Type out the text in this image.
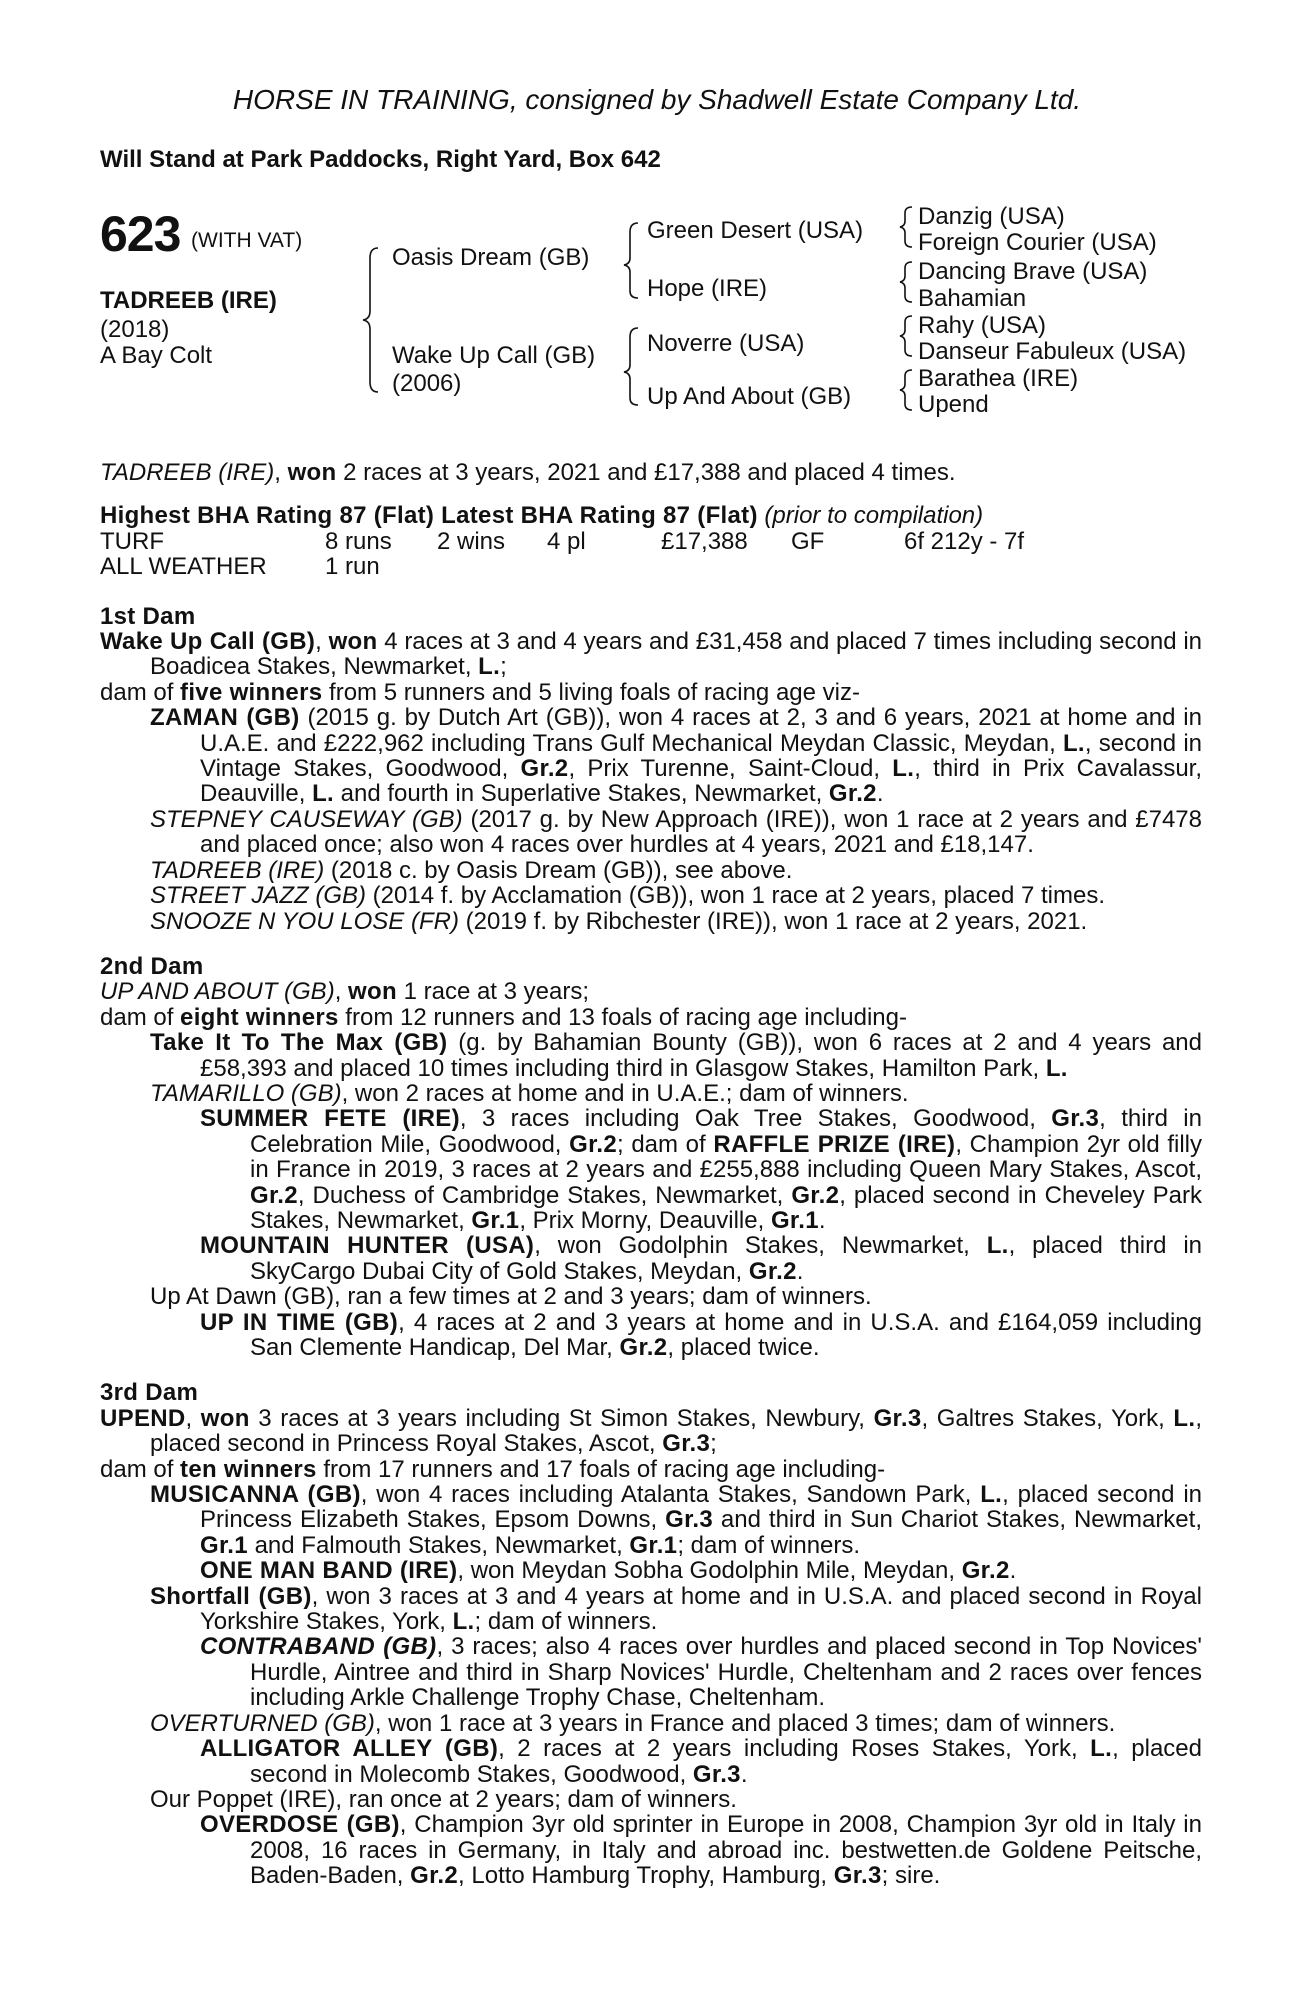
HORSE IN TRAINING, consigned by Shadwell Estate Company Ltd.
Will Stand at Park Paddocks, Right Yard, Box 642
623 (WITH VAT)
TADREEB (IRE)
(2018)
A Bay Colt
Oasis Dream (GB)
Wake Up Call (GB)
(2006)
Green Desert (USA)
Hope (IRE)
Noverre (USA)
Up And About (GB)
Danzig (USA)
Foreign Courier (USA)
Dancing Brave (USA)
Bahamian
Rahy (USA)
Danseur Fabuleux (USA)
Barathea (IRE)
Upend

TADREEB (IRE), won 2 races at 3 years, 2021 and £17,388 and placed 4 times.

Highest BHA Rating 87 (Flat) Latest BHA Rating 87 (Flat) (prior to compilation)

TURF	8 runs	2 wins	4 pl	£17,388	GF	6f 212y - 7f
ALL WEATHER	1 run

1st Dam

Wake Up Call (GB), won 4 races at 3 and 4 years and £31,458 and placed 7 times including second in Boadicea Stakes, Newmarket, L.;

dam of five winners from 5 runners and 5 living foals of racing age viz-

ZAMAN (GB) (2015 g. by Dutch Art (GB)), won 4 races at 2, 3 and 6 years, 2021 at home and in U.A.E. and £222,962 including Trans Gulf Mechanical Meydan Classic, Meydan, L., second in Vintage Stakes, Goodwood, Gr.2, Prix Turenne, Saint-Cloud, L., third in Prix Cavalassur, Deauville, L. and fourth in Superlative Stakes, Newmarket, Gr.2.

STEPNEY CAUSEWAY (GB) (2017 g. by New Approach (IRE)), won 1 race at 2 years and £7478 and placed once; also won 4 races over hurdles at 4 years, 2021 and £18,147.

TADREEB (IRE) (2018 c. by Oasis Dream (GB)), see above.

STREET JAZZ (GB) (2014 f. by Acclamation (GB)), won 1 race at 2 years, placed 7 times.

SNOOZE N YOU LOSE (FR) (2019 f. by Ribchester (IRE)), won 1 race at 2 years, 2021.

2nd Dam

UP AND ABOUT (GB), won 1 race at 3 years;

dam of eight winners from 12 runners and 13 foals of racing age including-

Take It To The Max (GB) (g. by Bahamian Bounty (GB)), won 6 races at 2 and 4 years and £58,393 and placed 10 times including third in Glasgow Stakes, Hamilton Park, L.

TAMARILLO (GB), won 2 races at home and in U.A.E.; dam of winners.

SUMMER FETE (IRE), 3 races including Oak Tree Stakes, Goodwood, Gr.3, third in Celebration Mile, Goodwood, Gr.2; dam of RAFFLE PRIZE (IRE), Champion 2yr old filly in France in 2019, 3 races at 2 years and £255,888 including Queen Mary Stakes, Ascot, Gr.2, Duchess of Cambridge Stakes, Newmarket, Gr.2, placed second in Cheveley Park Stakes, Newmarket, Gr.1, Prix Morny, Deauville, Gr.1.

MOUNTAIN HUNTER (USA), won Godolphin Stakes, Newmarket, L., placed third in SkyCargo Dubai City of Gold Stakes, Meydan, Gr.2.

Up At Dawn (GB), ran a few times at 2 and 3 years; dam of winners.

UP IN TIME (GB), 4 races at 2 and 3 years at home and in U.S.A. and £164,059 including San Clemente Handicap, Del Mar, Gr.2, placed twice.

3rd Dam

UPEND, won 3 races at 3 years including St Simon Stakes, Newbury, Gr.3, Galtres Stakes, York, L., placed second in Princess Royal Stakes, Ascot, Gr.3;

dam of ten winners from 17 runners and 17 foals of racing age including-

MUSICANNA (GB), won 4 races including Atalanta Stakes, Sandown Park, L., placed second in Princess Elizabeth Stakes, Epsom Downs, Gr.3 and third in Sun Chariot Stakes, Newmarket, Gr.1 and Falmouth Stakes, Newmarket, Gr.1; dam of winners.

ONE MAN BAND (IRE), won Meydan Sobha Godolphin Mile, Meydan, Gr.2.

Shortfall (GB), won 3 races at 3 and 4 years at home and in U.S.A. and placed second in Royal Yorkshire Stakes, York, L.; dam of winners.

CONTRABAND (GB), 3 races; also 4 races over hurdles and placed second in Top Novices' Hurdle, Aintree and third in Sharp Novices' Hurdle, Cheltenham and 2 races over fences including Arkle Challenge Trophy Chase, Cheltenham.

OVERTURNED (GB), won 1 race at 3 years in France and placed 3 times; dam of winners.

ALLIGATOR ALLEY (GB), 2 races at 2 years including Roses Stakes, York, L., placed second in Molecomb Stakes, Goodwood, Gr.3.

Our Poppet (IRE), ran once at 2 years; dam of winners.

OVERDOSE (GB), Champion 3yr old sprinter in Europe in 2008, Champion 3yr old in Italy in 2008, 16 races in Germany, in Italy and abroad inc. bestwetten.de Goldene Peitsche, Baden-Baden, Gr.2, Lotto Hamburg Trophy, Hamburg, Gr.3; sire.
